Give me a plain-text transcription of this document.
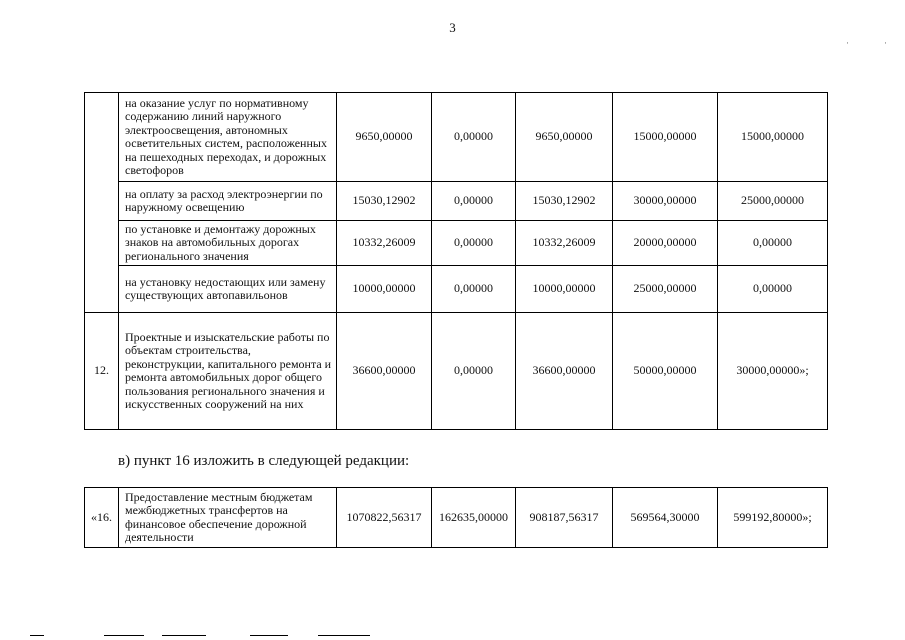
3
·	·
	на оказание услуг по нормативному содержанию линий наружного электроосвещения, автономных осветительных систем, расположенных на пешеходных переходах, и дорожных светофоров	9650,00000	0,00000	9650,00000	15000,00000	15000,00000
	на оплату за расход электроэнергии по наружному освещению	15030,12902	0,00000	15030,12902	30000,00000	25000,00000
	по установке и демонтажу дорожных знаков на автомобильных дорогах регионального значения	10332,26009	0,00000	10332,26009	20000,00000	0,00000
	на установку недостающих или замену существующих автопавильонов	10000,00000	0,00000	10000,00000	25000,00000	0,00000
12.	Проектные и изыскательские работы по объектам строительства, реконструкции, капитального ремонта и ремонта автомобильных дорог общего пользования регионального значения и искусственных сооружений на них	36600,00000	0,00000	36600,00000	50000,00000	30000,00000»;
в) пункт 16 изложить в следующей редакции:
«16.	Предоставление местным бюджетам межбюджетных трансфертов на финансовое обеспечение дорожной деятельности	1070822,56317	162635,00000	908187,56317	569564,30000	599192,80000»;
